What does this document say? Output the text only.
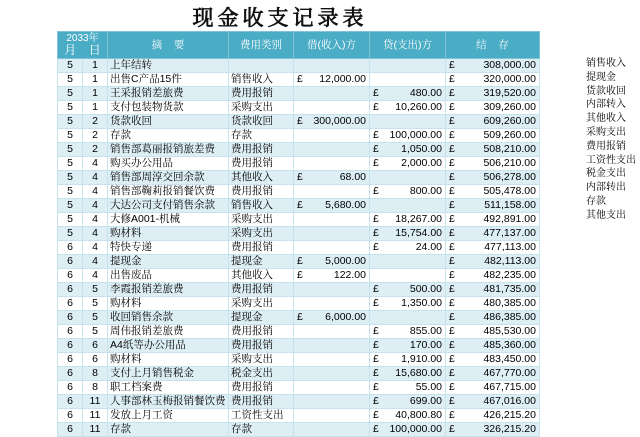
现金收支记录表
2033年
月 日		摘    要	费用类别	借(收入)方	贷(支出)方	结    存
5	1	上年结转				£ 308,000.00

5	1	出售C产品15件	销售收入	£ 12,000.00		£ 320,000.00

5	1	王采报销差旅费	费用报销		£ 480.00	£ 319,520.00

5	1	支付包装物货款	采购支出		£ 10,260.00	£ 309,260.00

5	2	货款收回	货款收回	£ 300,000.00		£ 609,260.00

5	2	存款	存款		£ 100,000.00	£ 509,260.00

5	2	销售部葛丽报销旅差费	费用报销		£ 1,050.00	£ 508,210.00

5	4	购买办公用品	费用报销		£ 2,000.00	£ 506,210.00

5	4	销售部周淳交回余款	其他收入	£ 68.00		£ 506,278.00

5	4	销售部鞠莉报销餐饮费	费用报销		£ 800.00	£ 505,478.00

5	4	大达公司支付销售余款	销售收入	£ 5,680.00		£ 511,158.00

5	4	大修A001-机械	采购支出		£ 18,267.00	£ 492,891.00

5	4	购材料	采购支出		£ 15,754.00	£ 477,137.00

6	4	特快专递	费用报销		£ 24.00	£ 477,113.00

6	4	提现金	提现金	£ 5,000.00		£ 482,113.00

6	4	出售废品	其他收入	£ 122.00		£ 482,235.00

6	5	李霞报销差旅费	费用报销		£ 500.00	£ 481,735.00

6	5	购材料	采购支出		£ 1,350.00	£ 480,385.00

6	5	收回销售余款	提现金	£ 6,000.00		£ 486,385.00

6	5	周伟报销差旅费	费用报销		£ 855.00	£ 485,530.00

6	6	A4纸等办公用品	费用报销		£ 170.00	£ 485,360.00

6	6	购材料	采购支出		£ 1,910.00	£ 483,450.00

6	8	支付上月销售税金	税金支出		£ 15,680.00	£ 467,770.00

6	8	职工档案费	费用报销		£ 55.00	£ 467,715.00

6	11	人事部林玉梅报销餐饮费	费用报销		£ 699.00	£ 467,016.00

6	11	发放上月工资	工资性支出		£ 40,800.80	£ 426,215.20

6	11	存款	存款		£ 100,000.00	£ 326,215.20
销售收入
提现金
货款收回
内部转入
其他收入
采购支出
费用报销
工资性支出
税金支出
内部转出
存款
其他支出
